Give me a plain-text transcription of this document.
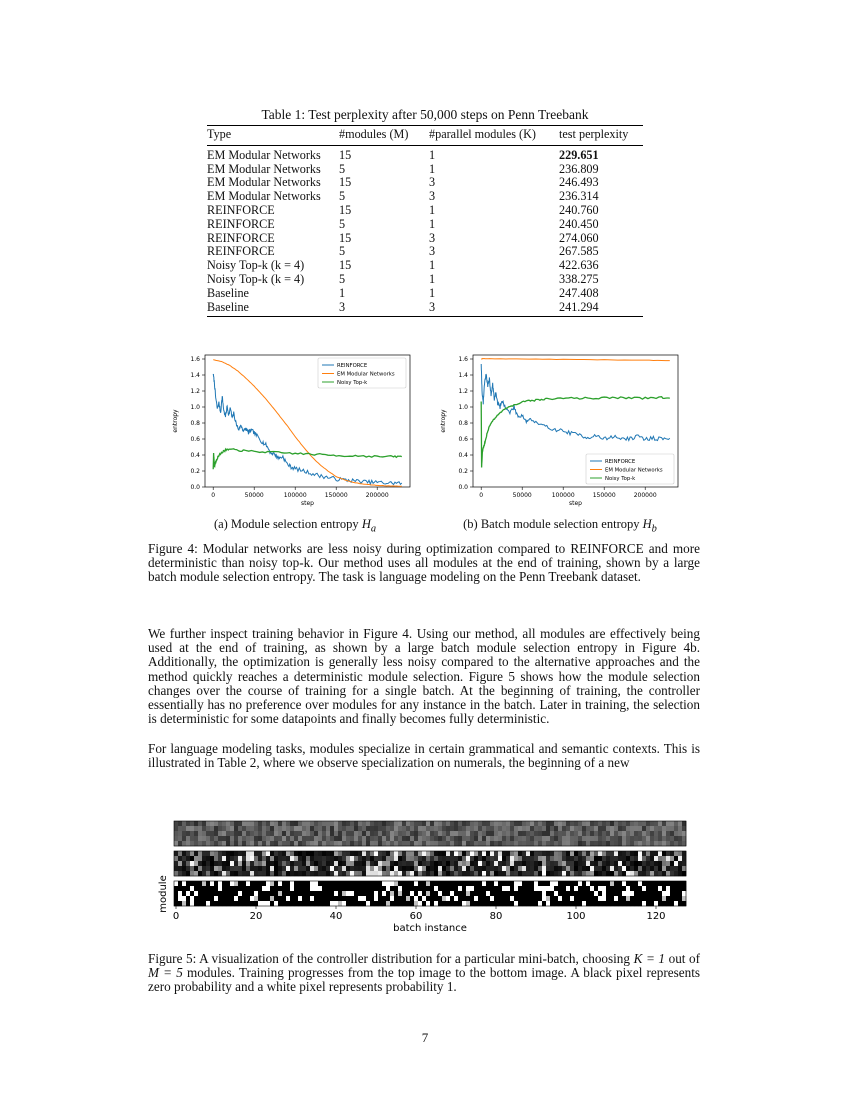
Table 1: Test perplexity after 50,000 steps on Penn Treebank
Type	#modules (M)	#parallel modules (K)	test perplexity
EM Modular Networks	15	1	229.651
EM Modular Networks	5	1	236.809
EM Modular Networks	15	3	246.493
EM Modular Networks	5	3	236.314
REINFORCE	15	1	240.760
REINFORCE	5	1	240.450
REINFORCE	15	3	274.060
REINFORCE	5	3	267.585
Noisy Top-k (k = 4)	15	1	422.636
Noisy Top-k (k = 4)	5	1	338.275
Baseline	1	1	247.408
Baseline	3	3	241.294
0	50000	100000	150000	200000
0.0
0.2
0.4
0.6
0.8
1.0
1.2
1.4
1.6
step
entropy
REINFORCE
EM Modular Networks
Noisy Top-k
0	50000	100000	150000	200000
0.0
0.2
0.4
0.6
0.8
1.0
1.2
1.4
1.6
step
entropy
REINFORCE
EM Modular Networks
Noisy Top-k
(a) Module selection entropy $H_a$	(b) Batch module selection entropy $H_b$
Figure 4: Modular networks are less noisy during optimization compared to REINFORCE and more deterministic than noisy top-k. Our method uses all modules at the end of training, shown by a large batch module selection entropy. The task is language modeling on the Penn Treebank dataset.

We further inspect training behavior in Figure 4. Using our method, all modules are effectively being used at the end of training, as shown by a large batch module selection entropy in Figure 4b. Additionally, the optimization is generally less noisy compared to the alternative approaches and the method quickly reaches a deterministic module selection. Figure 5 shows how the module selection changes over the course of training for a single batch. At the beginning of training, the controller essentially has no preference over modules for any instance in the batch. Later in training, the selection is deterministic for some datapoints and finally becomes fully deterministic.

For language modeling tasks, modules specialize in certain grammatical and semantic contexts. This is illustrated in Table 2, where we observe specialization on numerals, the beginning of a new

0	20	40	60	80	100	120
batch instance
module
Figure 5: A visualization of the controller distribution for a particular mini-batch, choosing K = 1 out of M = 5 modules. Training progresses from the top image to the bottom image. A black pixel represents zero probability and a white pixel represents probability 1.
7
